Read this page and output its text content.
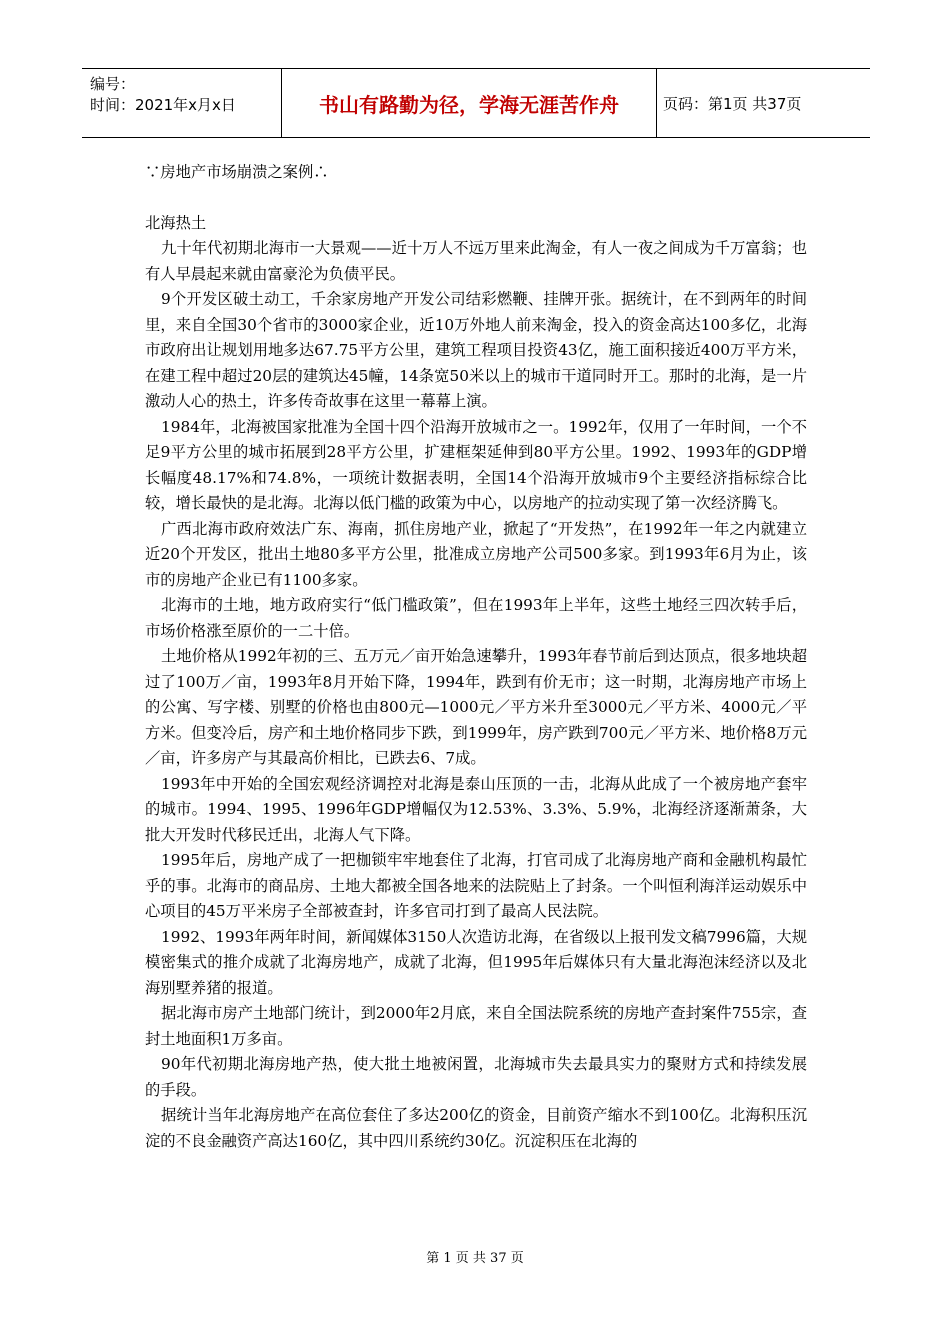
编号：
时间：2021年x月x日	书山有路勤为径，学海无涯苦作舟	页码：第1页 共37页

∵房地产市场崩溃之案例∴

北海热土

九十年代初期北海市一大景观——近十万人不远万里来此淘金，有人一夜之间成为千万富翁；也有人早晨起来就由富豪沦为负债平民。

9个开发区破土动工，千余家房地产开发公司结彩燃鞭、挂牌开张。据统计，在不到两年的时间里，来自全国30个省市的3000家企业，近10万外地人前来淘金，投入的资金高达100多亿，北海市政府出让规划用地多达67.75平方公里，建筑工程项目投资43亿，施工面积接近400万平方米，在建工程中超过20层的建筑达45幢，14条宽50米以上的城市干道同时开工。那时的北海，是一片激动人心的热土，许多传奇故事在这里一幕幕上演。

1984年，北海被国家批准为全国十四个沿海开放城市之一。1992年，仅用了一年时间，一个不足9平方公里的城市拓展到28平方公里，扩建框架延伸到80平方公里。1992、1993年的GDP增长幅度48.17%和74.8%，一项统计数据表明，全国14个沿海开放城市9个主要经济指标综合比较，增长最快的是北海。北海以低门槛的政策为中心，以房地产的拉动实现了第一次经济腾飞。

广西北海市政府效法广东、海南，抓住房地产业，掀起了“开发热”，在1992年一年之内就建立近20个开发区，批出土地80多平方公里，批准成立房地产公司500多家。到1993年6月为止，该市的房地产企业已有1100多家。

北海市的土地，地方政府实行“低门槛政策”，但在1993年上半年，这些土地经三四次转手后，市场价格涨至原价的一二十倍。

土地价格从1992年初的三、五万元／亩开始急速攀升，1993年春节前后到达顶点，很多地块超过了100万／亩，1993年8月开始下降，1994年，跌到有价无市；这一时期，北海房地产市场上的公寓、写字楼、别墅的价格也由800元—1000元／平方米升至3000元／平方米、4000元／平方米。但变冷后，房产和土地价格同步下跌，到1999年，房产跌到700元／平方米、地价格8万元／亩，许多房产与其最高价相比，已跌去6、7成。

1993年中开始的全国宏观经济调控对北海是泰山压顶的一击，北海从此成了一个被房地产套牢的城市。1994、1995、1996年GDP增幅仅为12.53%、3.3%、5.9%，北海经济逐渐萧条，大批大开发时代移民迁出，北海人气下降。

1995年后，房地产成了一把枷锁牢牢地套住了北海，打官司成了北海房地产商和金融机构最忙乎的事。北海市的商品房、土地大都被全国各地来的法院贴上了封条。一个叫恒利海洋运动娱乐中心项目的45万平米房子全部被查封，许多官司打到了最高人民法院。

1992、1993年两年时间，新闻媒体3150人次造访北海，在省级以上报刊发文稿7996篇，大规模密集式的推介成就了北海房地产，成就了北海，但1995年后媒体只有大量北海泡沫经济以及北海别墅养猪的报道。

据北海市房产土地部门统计，到2000年2月底，来自全国法院系统的房地产查封案件755宗，查封土地面积1万多亩。

90年代初期北海房地产热，使大批土地被闲置，北海城市失去最具实力的聚财方式和持续发展的手段。

据统计当年北海房地产在高位套住了多达200亿的资金，目前资产缩水不到100亿。北海积压沉淀的不良金融资产高达160亿，其中四川系统约30亿。沉淀积压在北海的

第 1 页 共 37 页
